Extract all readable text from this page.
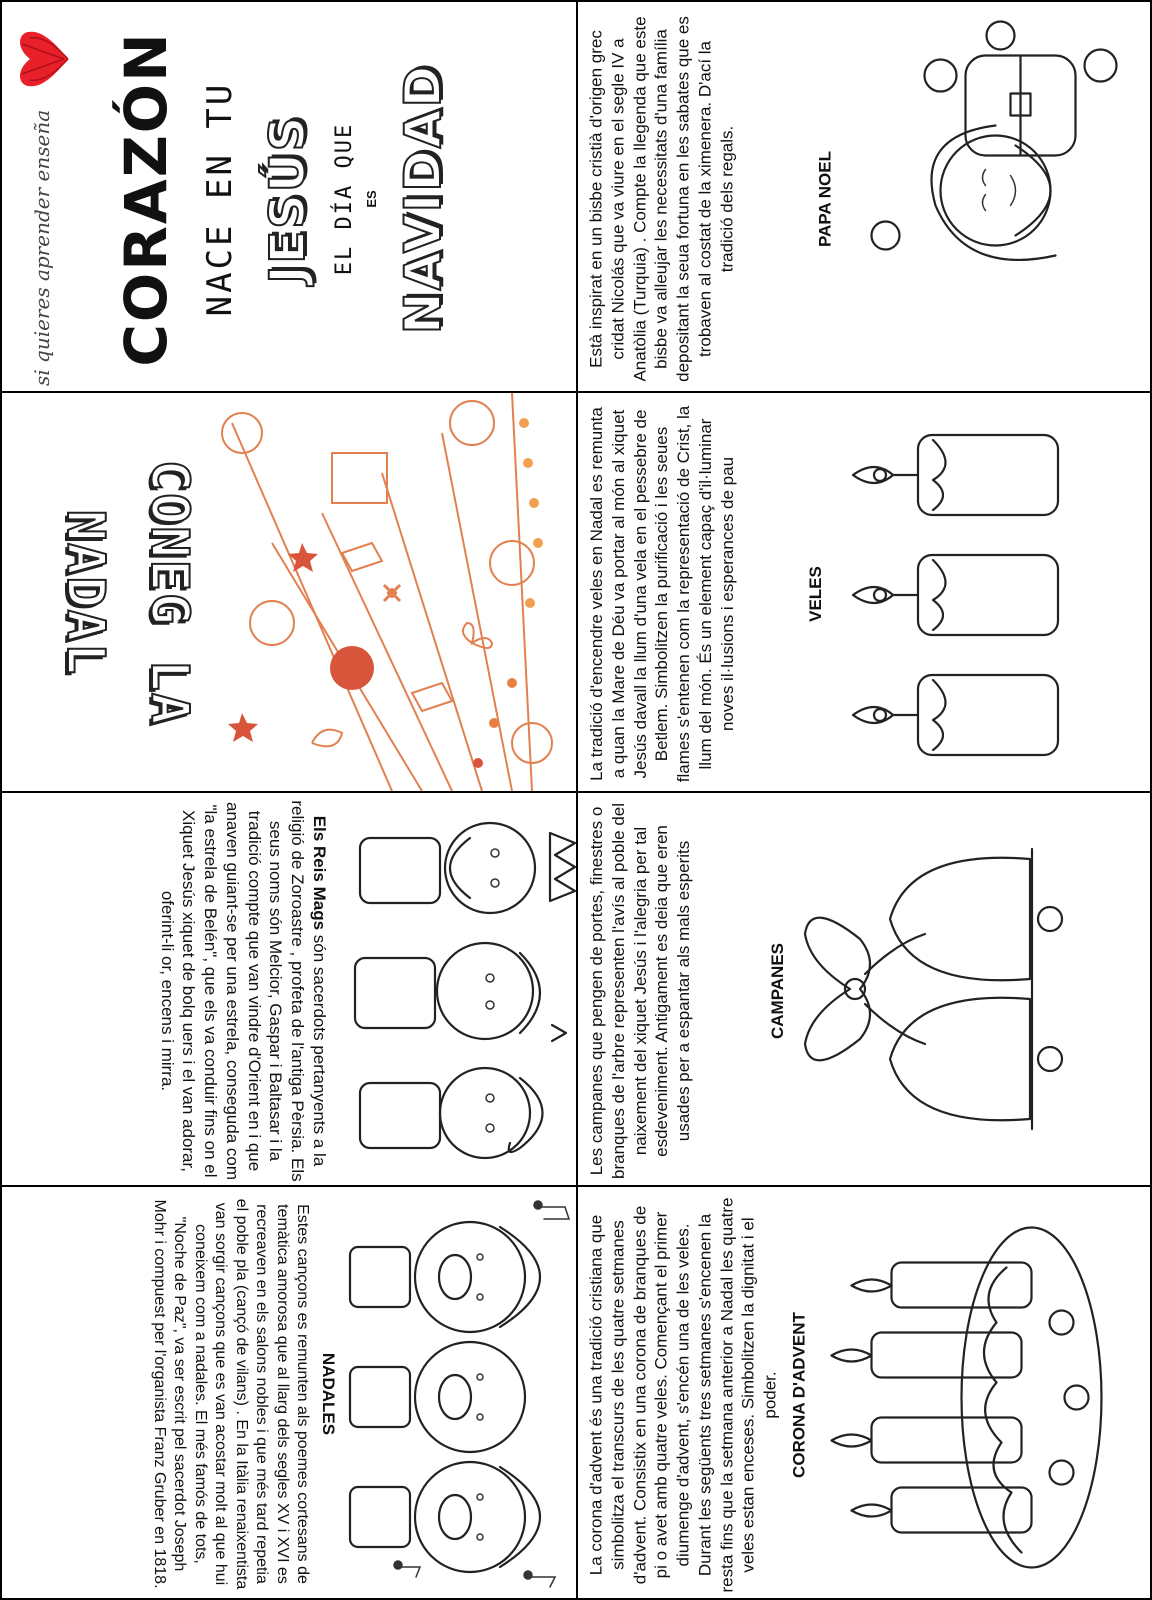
si quieres aprender enseña CORAZÓN NACE EN TU JESÚS EL DÍA QUE ES NAVIDAD
CONEG LA
NADAL

Els Reis Mags són sacerdots pertanyents a la religió de Zoroastre , profeta de l'antiga Pèrsia. Els seus noms són Melcior, Gaspar i Baltasar i la tradició compte que van vindre d'Orient en i que anaven guiant-se per una estrela, conseguda com "la estrela de Belén", que els va conduir fins on el Xiquet Jesús xiquet de bolq uers i el van adorar, oferint-li or, encens i mirra.

NADALES

Estes cançons es remunten als poemes cortesans de temàtica amorosa que al llarg dels segles XV i XVI es recreaven en els salons nobles i que més tard repetia el poble pla (cançó de vilans) . En la Itàlia renaixentista van sorgir cançons que es van acostar molt al que hui coneixem com a nadales. El més famós de tots, "Noche de Paz", va ser escrit pel sacerdot Joseph Mohr i compuest per l'organista Franz Gruber en 1818.

Està inspirat en un bisbe cristià d'origen grec cridat Nicolás que va viure en el segle IV a Anatòlia (Turquia) . Compte la llegenda que este bisbe va alleujar les necessitats d'una família depositant la seua fortuna en les sabates que es trobaven al costat de la ximenera. D'ací la tradició dels regals.	PAPA NOEL

La tradició d'encendre veles en Nadal es remunta a quan la Mare de Déu va portar al món al xiquet Jesús davall la llum d'una vela en el pessebre de Betlem. Simbolitzen la purificació i les seues flames s'entenen com la representació de Crist, la llum del món. És un element capaç d'il·luminar noves il·lusions i esperances de pau	VELES

Les campanes que pengen de portes, finestres o branques de l'arbre representen l'avís al poble del naixement del xiquet Jesús i l'alegria per tal esdeveniment. Antigament es deia que eren usades per a espantar als mals esperits	CAMPANES

La corona d'advent és una tradició cristiana que simbolitza el transcurs de les quatre setmanes d'advent. Consistix en una corona de branques de pi o avet amb quatre veles. Començant el primer diumenge d'advent, s'encén una de les veles. Durant les següents tres setmanes s'encenen la resta fins que la setmana anterior a Nadal les quatre veles estan enceses. Simbolitzen la dignitat i el poder. CORONA D'ADVENT
